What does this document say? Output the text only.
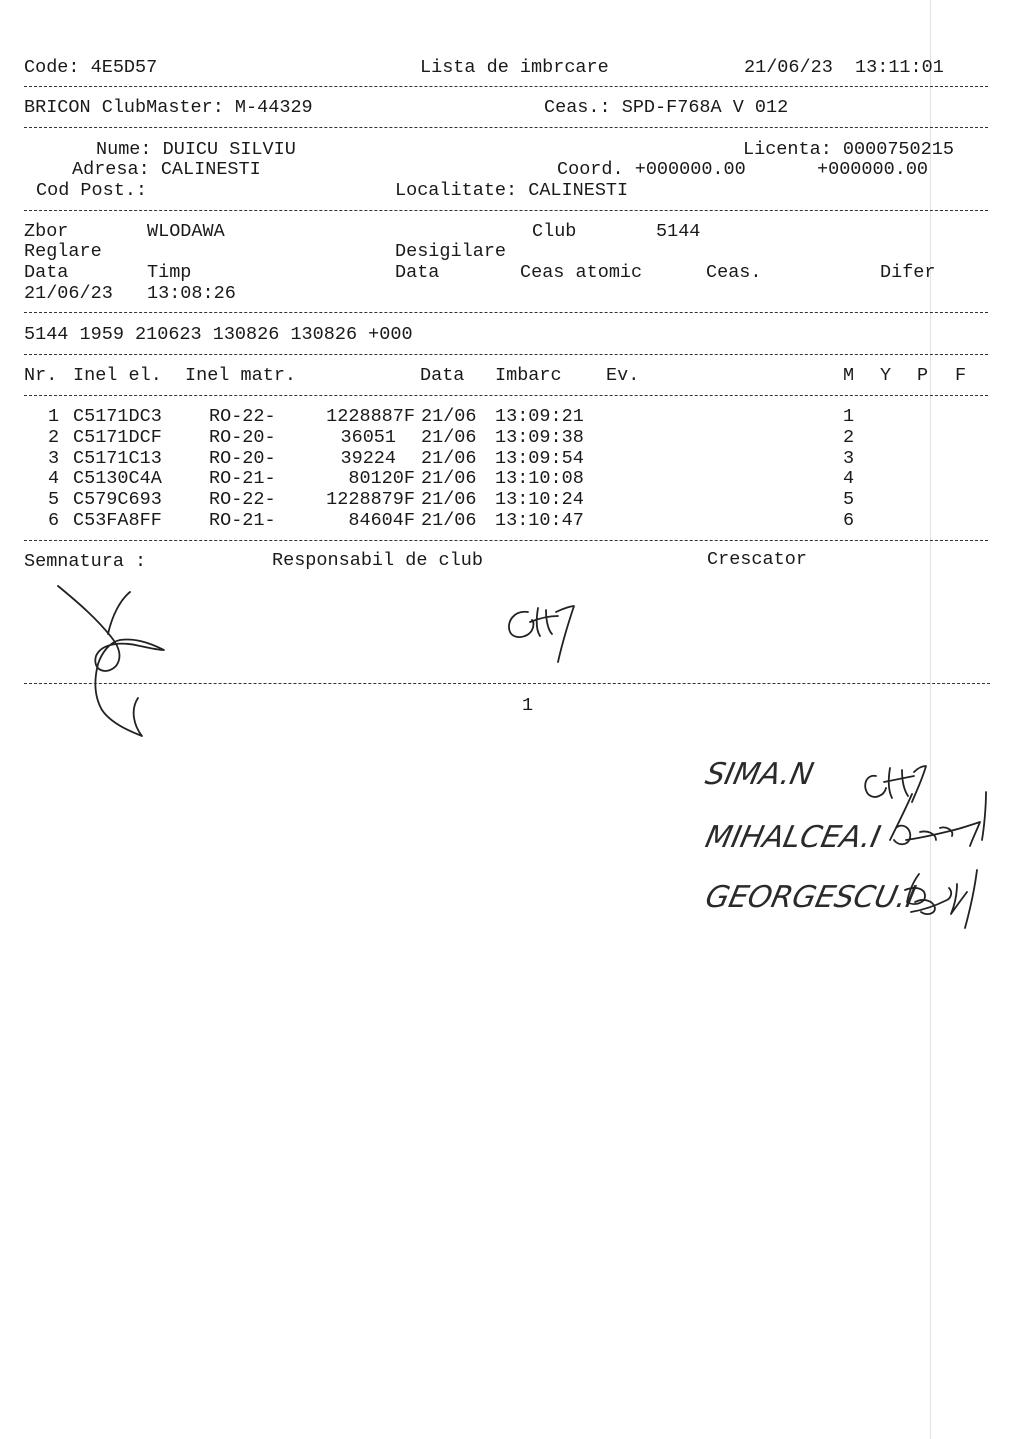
Code: 4E5D57	Lista de imbrcare	21/06/23  13:11:01
BRICON ClubMaster: M-44329	Ceas.: SPD-F768A V 012
Nume: DUICU SILVIU	Licenta: 0000750215
Adresa: CALINESTI	Coord. +000000.00	+000000.00
Cod Post.:	Localitate: CALINESTI
Zbor	WLODAWA	Club	5144
Reglare	Desigilare
Data	Timp	Data	Ceas atomic	Ceas.	Difer
21/06/23 13:08:26
5144 1959 210623 130826 130826 +000
Nr. Inel el. Inel matr.	Data Imbarc Ev.	M Y P F
1 C5171DC3	RO-22-	1228887F 21/06 13:09:21	1
2 C5171DCF	RO-20-	36051 21/06 13:09:38	2
3 C5171C13	RO-20-	39224 21/06 13:09:54	3
4 C5130C4A	RO-21-	80120F 21/06 13:10:08	4
5 C579C693	RO-22-	1228879F 21/06 13:10:24	5
6 C53FA8FF	RO-21-	84604F 21/06 13:10:47	6
Semnatura :	Responsabil de club	Crescator
1
SIMA.N
MIHALCEA.I
GEORGESCU.I
